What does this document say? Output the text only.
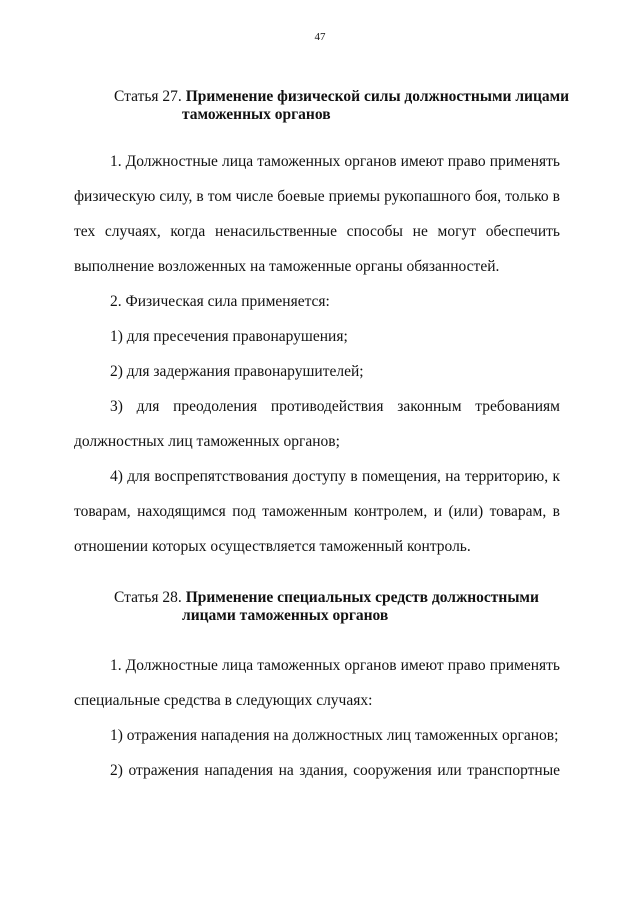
47
Статья 27. Применение физической силы должностными лицами
таможенных органов

1. Должностные лица таможенных органов имеют право применять физическую силу, в том числе боевые приемы рукопашного боя, только в тех случаях, когда ненасильственные способы не могут обеспечить выполнение возложенных на таможенные органы обязанностей.

2. Физическая сила применяется:

1) для пресечения правонарушения;

2) для задержания правонарушителей;

3) для преодоления противодействия законным требованиям должностных лиц таможенных органов;

4) для воспрепятствования доступу в помещения, на территорию, к товарам, находящимся под таможенным контролем, и (или) товарам, в отношении которых осуществляется таможенный контроль.

Статья 28. Применение специальных средств должностными
лицами таможенных органов

1. Должностные лица таможенных органов имеют право применять специальные средства в следующих случаях:

1) отражения нападения на должностных лиц таможенных органов;

2) отражения нападения на здания, сооружения или транспортные
